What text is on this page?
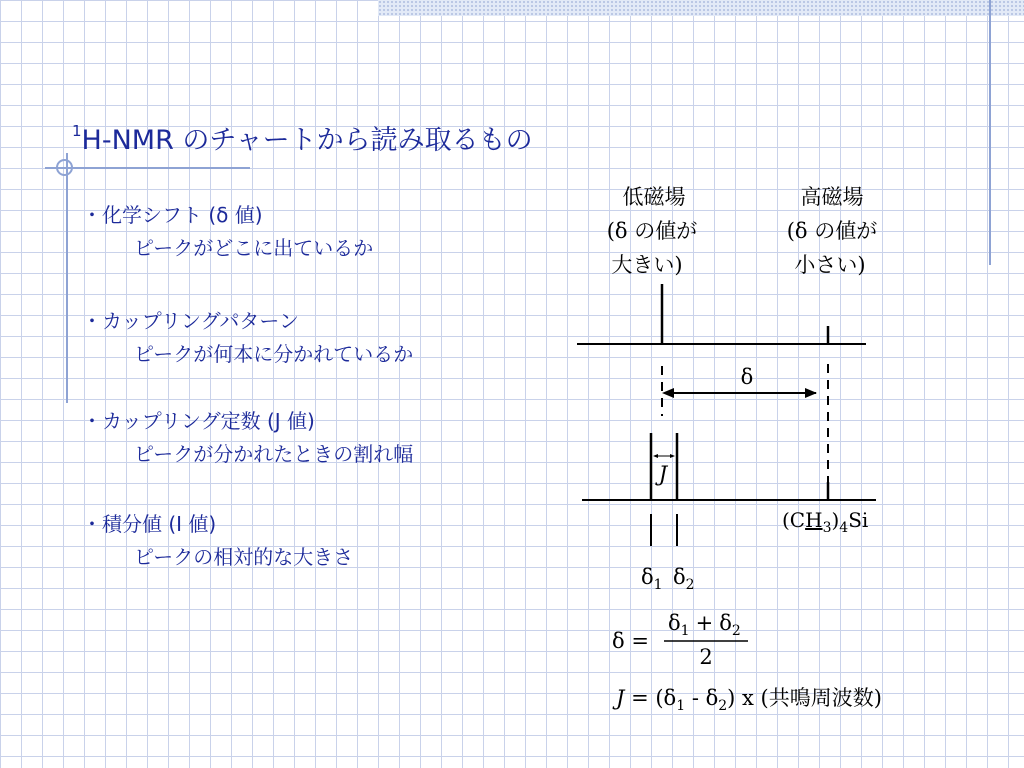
$^1$H-NMR のチャートから読み取るもの
・化学シフト (δ 値)
ピークがどこに出ているか
・カップリングパターン
ピークが何本に分かれているか
・カップリング定数 (J 値)
ピークが分かれたときの割れ幅
・積分値 (I 値)
ピークの相対的な大きさ
低磁場
(δ の値が
大きい)
高磁場
(δ の値が
小さい)
δ
J
$(CH_3)_4Si$
$\delta_1$ $\delta_2$
δ =
$\delta_1 + \delta_2$
2
$J = (\delta_1 - \delta_2)$ x (共鳴周波数)
